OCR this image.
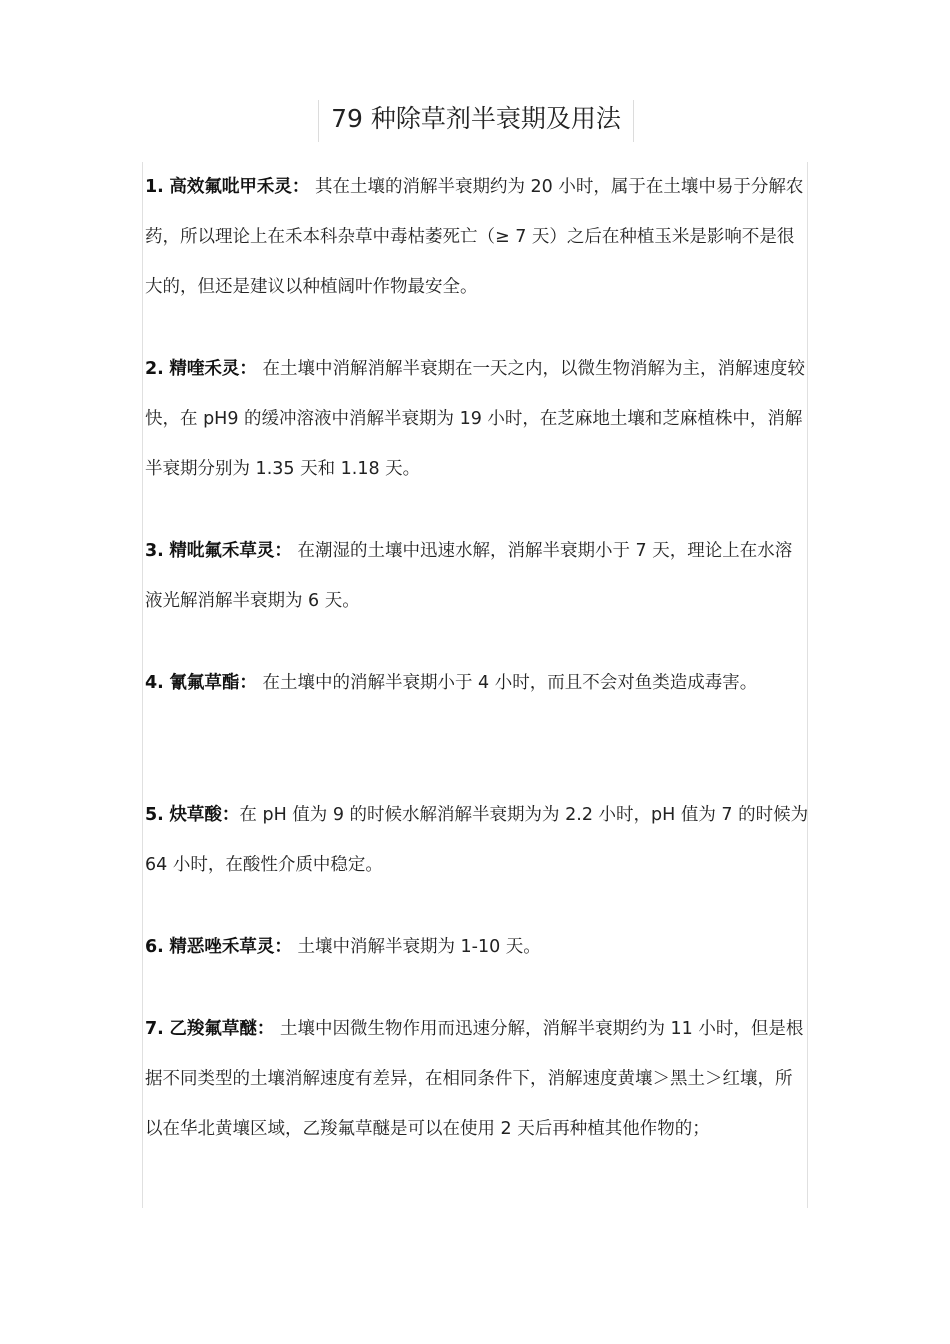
79 种除草剂半衰期及用法
1. 高效氟吡甲禾灵： 其在土壤的消解半衰期约为 20 小时，属于在土壤中易于分解农药，所以理论上在禾本科杂草中毒枯萎死亡（≥ 7 天）之后在种植玉米是影响不是很大的，但还是建议以种植阔叶作物最安全。
2. 精喹禾灵： 在土壤中消解消解半衰期在一天之内，以微生物消解为主，消解速度较快，在 pH9 的缓冲溶液中消解半衰期为 19 小时，在芝麻地土壤和芝麻植株中，消解半衰期分别为 1.35 天和 1.18 天。
3. 精吡氟禾草灵： 在潮湿的土壤中迅速水解，消解半衰期小于 7 天，理论上在水溶液光解消解半衰期为 6 天。
4. 氰氟草酯： 在土壤中的消解半衰期小于 4 小时，而且不会对鱼类造成毒害。
5. 炔草酸：在 pH 值为 9 的时候水解消解半衰期为为 2.2 小时，pH 值为 7 的时候为 64 小时，在酸性介质中稳定。
6. 精恶唑禾草灵： 土壤中消解半衰期为 1-10 天。
7. 乙羧氟草醚： 土壤中因微生物作用而迅速分解，消解半衰期约为 11 小时，但是根据不同类型的土壤消解速度有差异，在相同条件下，消解速度黄壤＞黑土＞红壤，所以在华北黄壤区域，乙羧氟草醚是可以在使用 2 天后再种植其他作物的；
